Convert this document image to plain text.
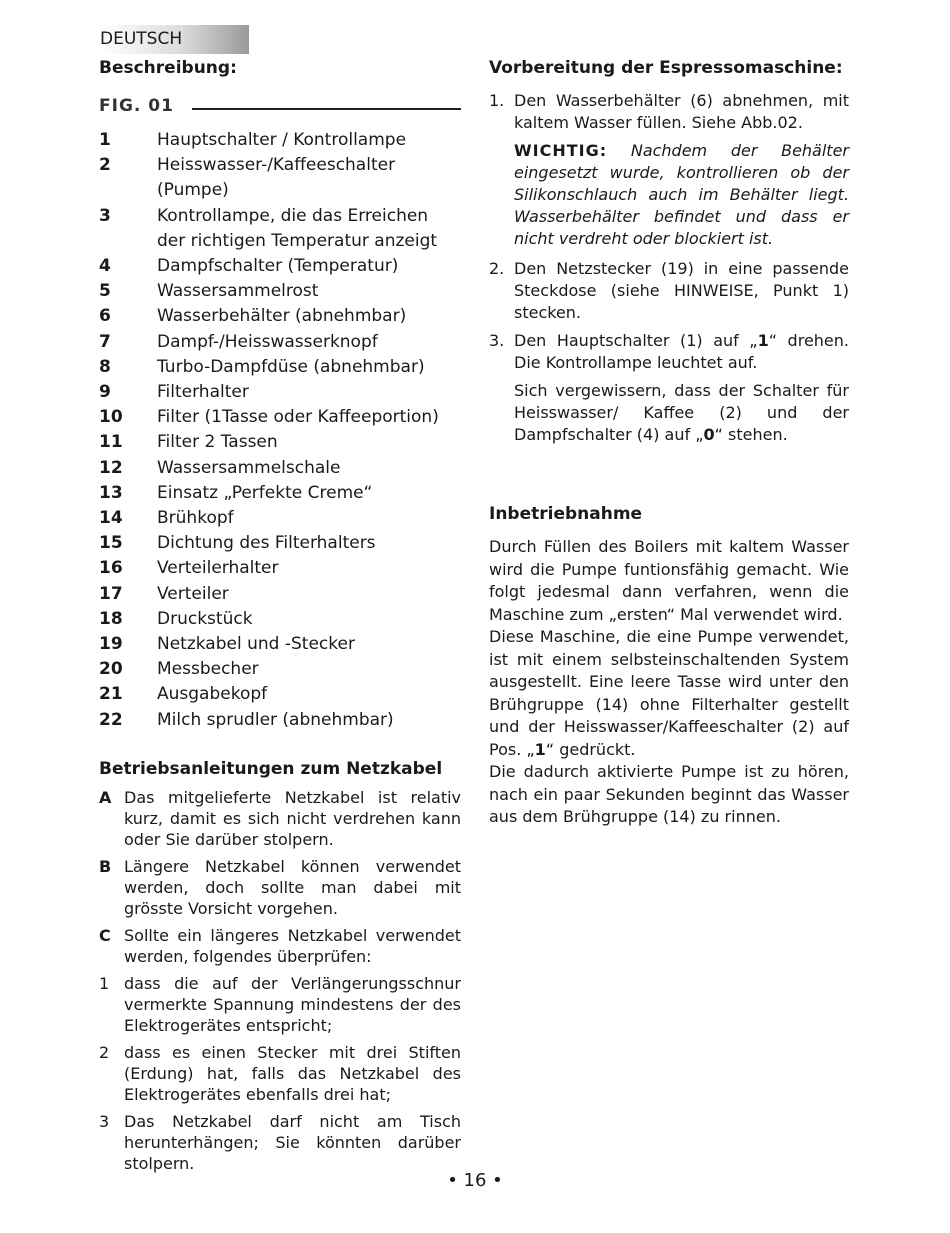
DEUTSCH
Beschreibung:
FIG. 01
1	Hauptschalter / Kontrollampe
2	Heisswasser-/Kaffeeschalter (Pumpe)
3	Kontrollampe, die das Erreichen der richtigen Temperatur anzeigt
4	Dampfschalter (Temperatur)
5	Wassersammelrost
6	Wasserbehälter (abnehmbar)
7	Dampf-/Heisswasserknopf
8	Turbo-Dampfdüse (abnehmbar)
9	Filterhalter
10	Filter (1Tasse oder Kaffeeportion)
11	Filter 2 Tassen
12	Wassersammelschale
13	Einsatz „Perfekte Creme“
14	Brühkopf
15	Dichtung des Filterhalters
16	Verteilerhalter
17	Verteiler
18	Druckstück
19	Netzkabel und -Stecker
20	Messbecher
21	Ausgabekopf
22	Milch sprudler (abnehmbar)
Betriebsanleitungen zum Netzkabel
A Das mitgelieferte Netzkabel ist relativ kurz, damit es sich nicht verdrehen kann oder Sie darüber stolpern.
B Längere Netzkabel können verwendet werden, doch sollte man dabei mit grösste Vorsicht vorgehen.
C Sollte ein längeres Netzkabel verwendet werden, folgendes überprüfen:
1 dass die auf der Verlängerungsschnur vermerkte Spannung mindestens der des Elektrogerätes entspricht;
2 dass es einen Stecker mit drei Stiften (Erdung) hat, falls das Netzkabel des Elektrogerätes ebenfalls drei hat;
3 Das Netzkabel darf nicht am Tisch herunterhängen; Sie könnten darüber stolpern.
Vorbereitung der Espressomaschine:
1. Den Wasserbehälter (6) abnehmen, mit kaltem Wasser füllen. Siehe Abb.02.
WICHTIG: Nachdem der Behälter eingesetzt wurde, kontrollieren ob der Silikonschlauch auch im Behälter liegt. Wasserbehälter befindet und dass er nicht verdreht oder blockiert ist.
2. Den Netzstecker (19) in eine passende Steckdose (siehe HINWEISE, Punkt 1) stecken.
3. Den Hauptschalter (1) auf „1“ drehen. Die Kontrollampe leuchtet auf.
Sich vergewissern, dass der Schalter für Heisswasser/ Kaffee (2) und der Dampfschalter (4) auf „0“ stehen.
Inbetriebnahme

Durch Füllen des Boilers mit kaltem Wasser wird die Pumpe funtionsfähig gemacht. Wie folgt jedesmal dann verfahren, wenn die Maschine zum „ersten“ Mal verwendet wird.

Diese Maschine, die eine Pumpe verwendet, ist mit einem selbsteinschaltenden System ausgestellt. Eine leere Tasse wird unter den Brühgruppe (14) ohne Filterhalter gestellt und der Heisswasser/Kaffeeschalter (2) auf Pos. „1“ gedrückt.

Die dadurch aktivierte Pumpe ist zu hören, nach ein paar Sekunden beginnt das Wasser aus dem Brühgruppe (14) zu rinnen.

• 16 •
